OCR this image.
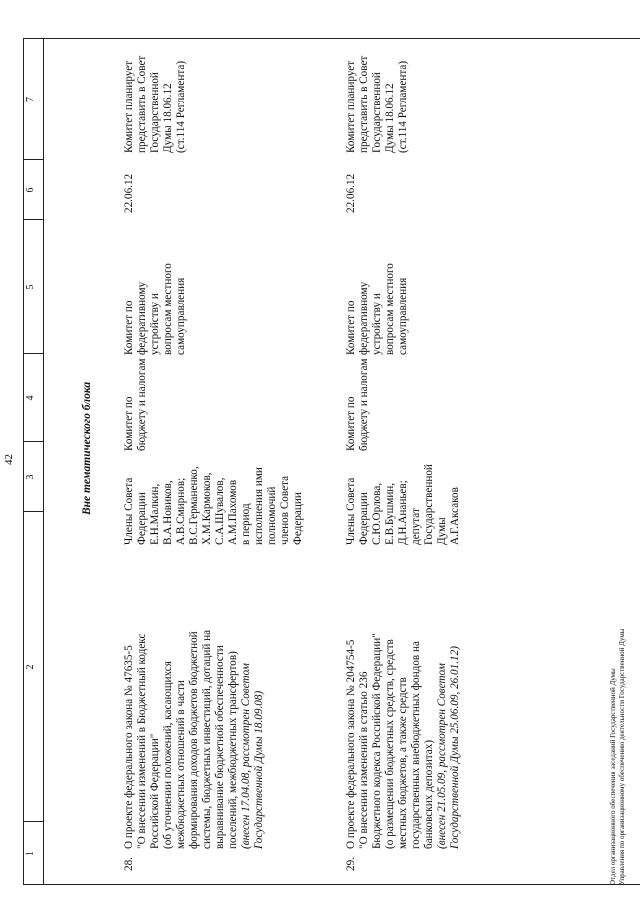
42
1
2
3
4
5
6
7
Вне тематического блока
28.
О проекте федерального закона № 47635-5 "О внесении изменений в Бюджетный кодекс Российской Федерации" (об уточнении положений, касающихся межбюджетных отношений в части формирования доходов бюджетов бюджетной системы, бюджетных инвестиций, дотаций на выравнивание бюджетной обеспеченности поселений, межбюджетных трансфертов) (внесен 17.04.08, рассмотрен Советом Государственной Думы 18.09.08)
Члены Совета Федерации Е.Н.Малкин, В.А.Новиков, А.В.Смирнов; В.С.Германенко, Х.М.Кармоков, С.А.Шувалов, А.М.Пахомов в период исполнения ими полномочий членов Совета Федерации
Комитет по бюджету и налогам
Комитет по федеративному устройству и вопросам местного самоуправления
22.06.12
Комитет планирует представить в Совет Государственной Думы 18.06.12 (ст.114 Регламента)
29.
О проекте федерального закона № 204754-5 "О внесении изменений в статью 236 Бюджетного кодекса Российской Федерации" (о размещении бюджетных средств, средств местных бюджетов, а также средств государственных внебюджетных фондов на банковских депозитах) (внесен 21.05.09, рассмотрен Советом Государственной Думы 25.06.09, 26.01.12)
Члены Совета Федерации С.Ю.Орлова, Е.В.Бушмин, Д.Н.Ананьев; депутат Государственной Думы А.Г.Аксаков
Комитет по бюджету и налогам
Комитет по федеративному устройству и вопросам местного самоуправления
22.06.12
Комитет планирует представить в Совет Государственной Думы 18.06.12 (ст.114 Регламента)
Отдел организационного обеспечения заседаний Государственной Думы Управления по организационному обеспечению деятельности Государственной Думы
